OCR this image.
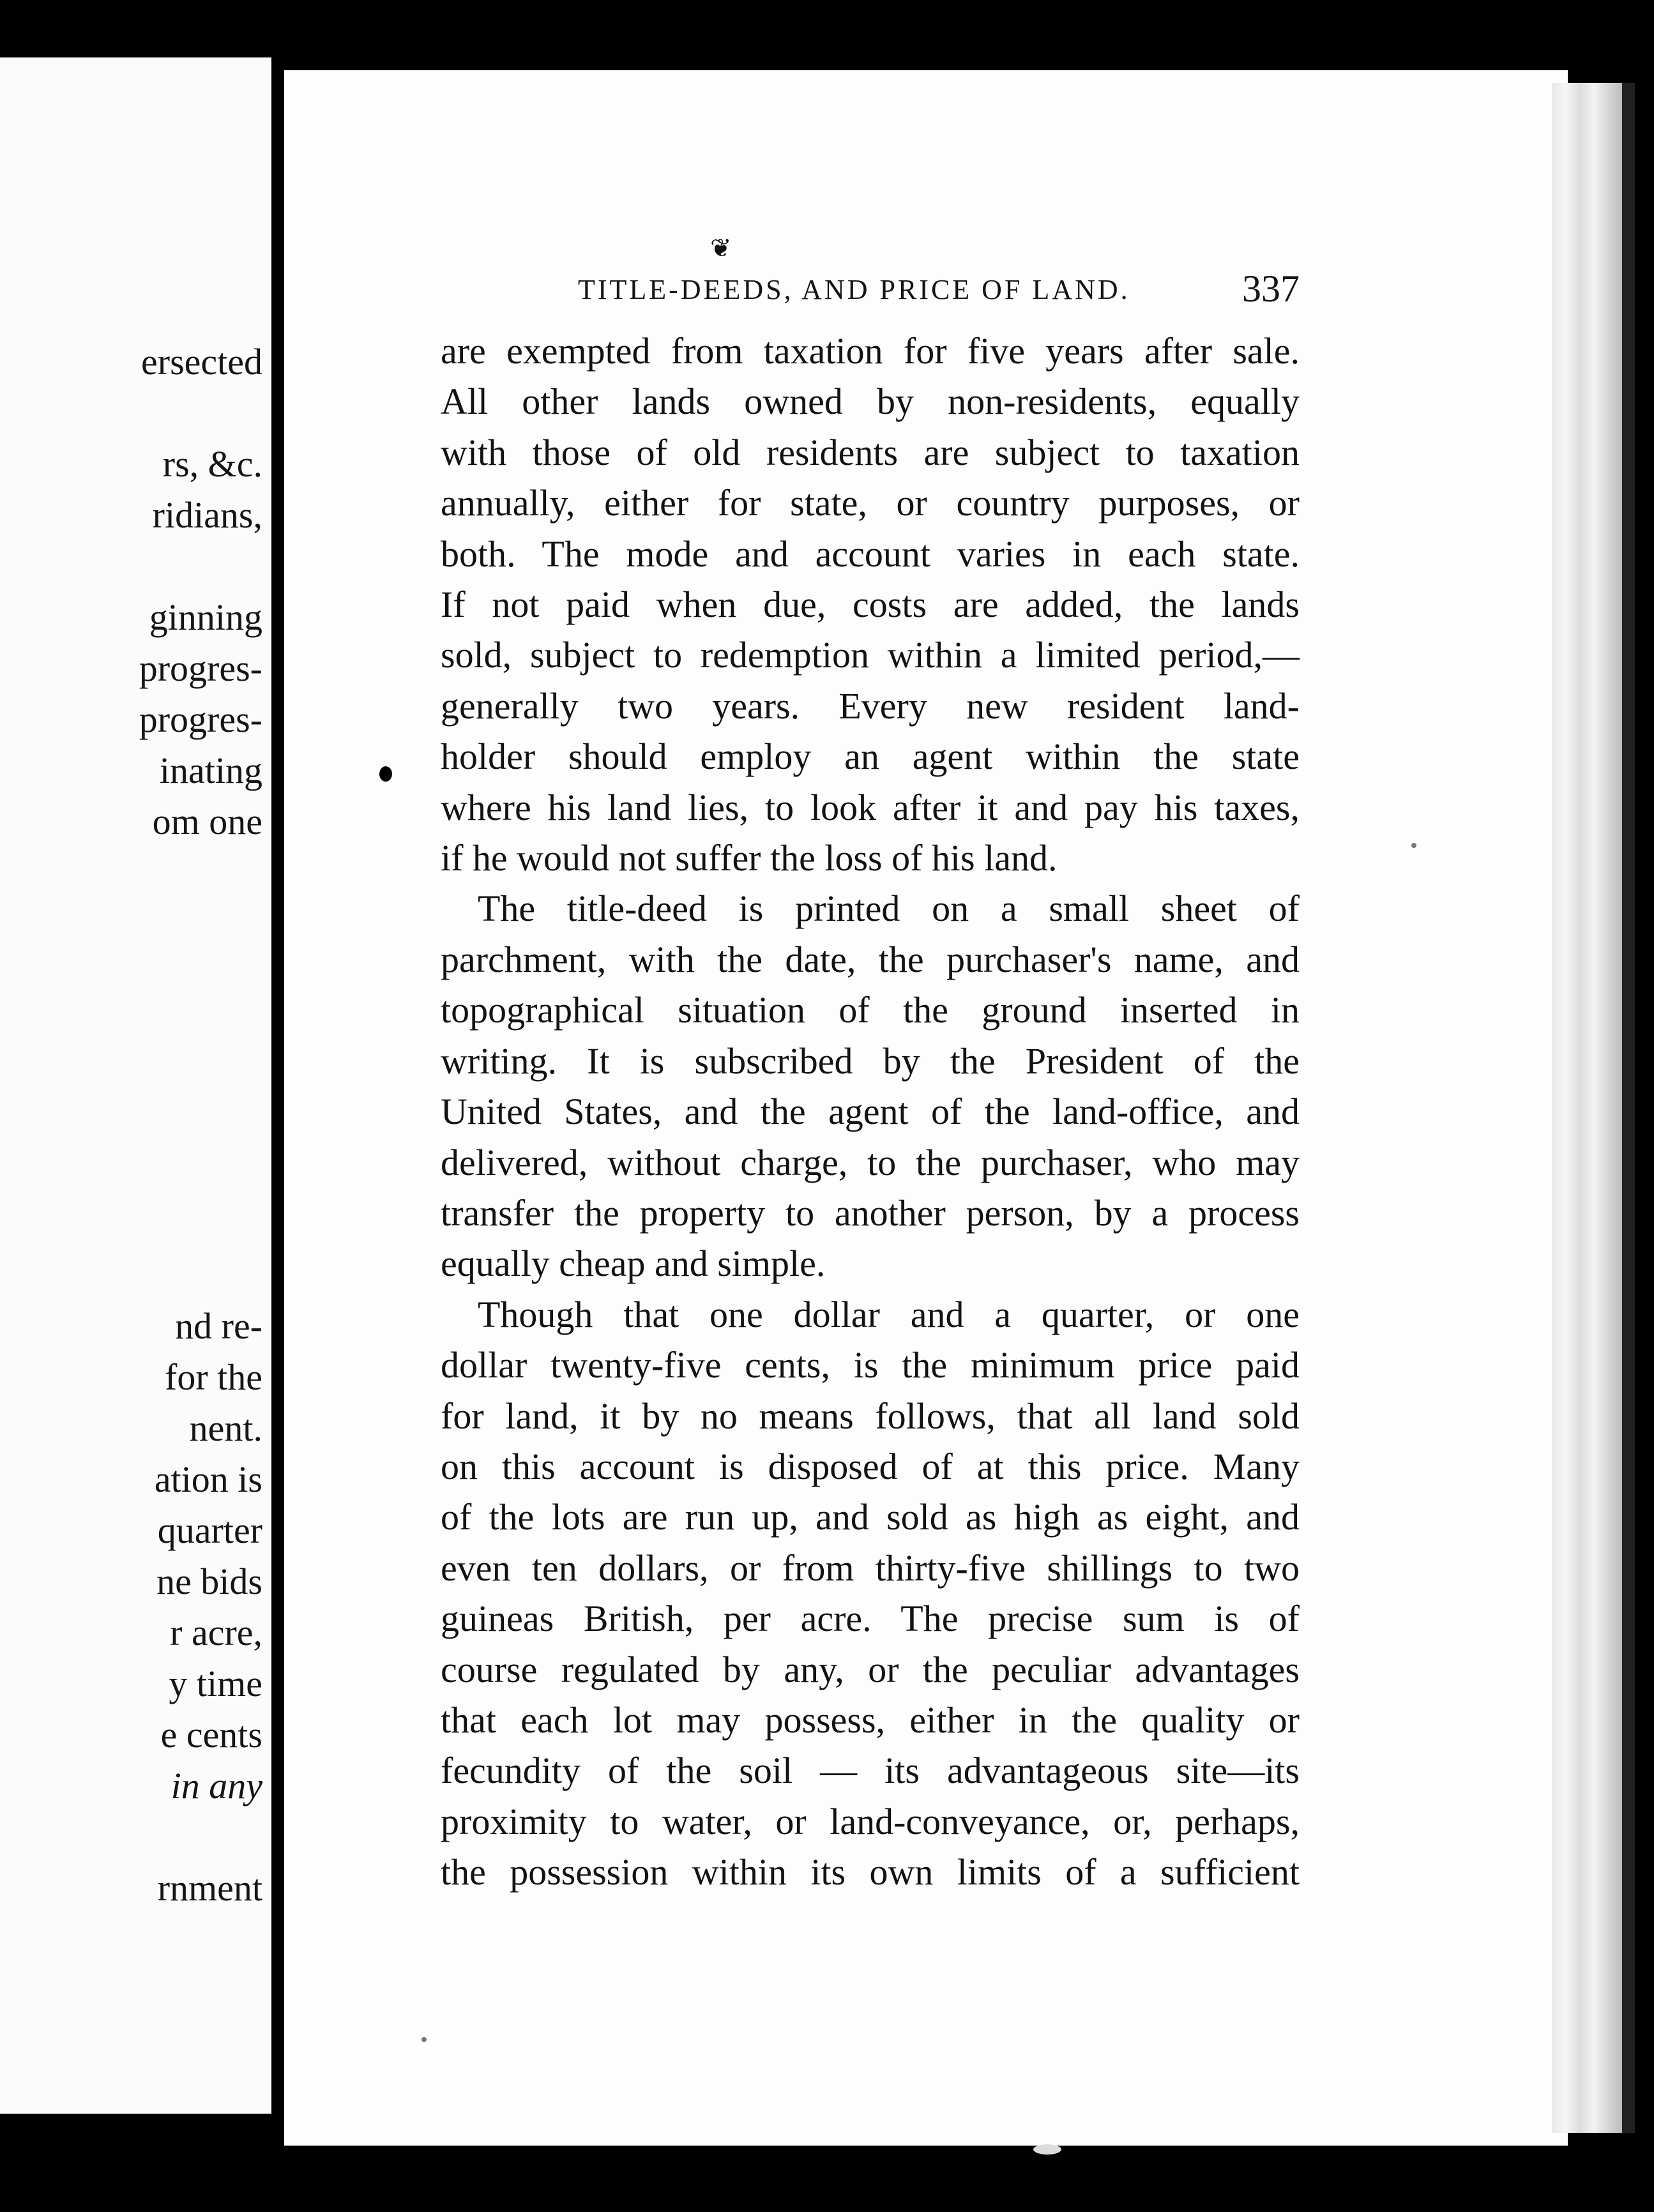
ersected
rs, &c.
ridians,
ginning
progres-
progres-
inating
om one
nd re-
for the
nent.
ation is
quarter
ne bids
r acre,
y time
e cents
in any
rnment
❦
TITLE-DEEDS, AND PRICE OF LAND.	337
are exempted from taxation for five years after sale.
All other lands owned by non-residents, equally
with those of old residents are subject to taxation
annually, either for state, or country purposes, or
both. The mode and account varies in each state.
If not paid when due, costs are added, the lands
sold, subject to redemption within a limited period,—
generally two years. Every new resident land-
holder should employ an agent within the state
where his land lies, to look after it and pay his taxes,
if he would not suffer the loss of his land.
The title-deed is printed on a small sheet of
parchment, with the date, the purchaser's name, and
topographical situation of the ground inserted in
writing. It is subscribed by the President of the
United States, and the agent of the land-office, and
delivered, without charge, to the purchaser, who may
transfer the property to another person, by a process
equally cheap and simple.
Though that one dollar and a quarter, or one
dollar twenty-five cents, is the minimum price paid
for land, it by no means follows, that all land sold
on this account is disposed of at this price. Many
of the lots are run up, and sold as high as eight, and
even ten dollars, or from thirty-five shillings to two
guineas British, per acre. The precise sum is of
course regulated by any, or the peculiar advantages
that each lot may possess, either in the quality or
fecundity of the soil — its advantageous site—its
proximity to water, or land-conveyance, or, perhaps,
the possession within its own limits of a sufficient
